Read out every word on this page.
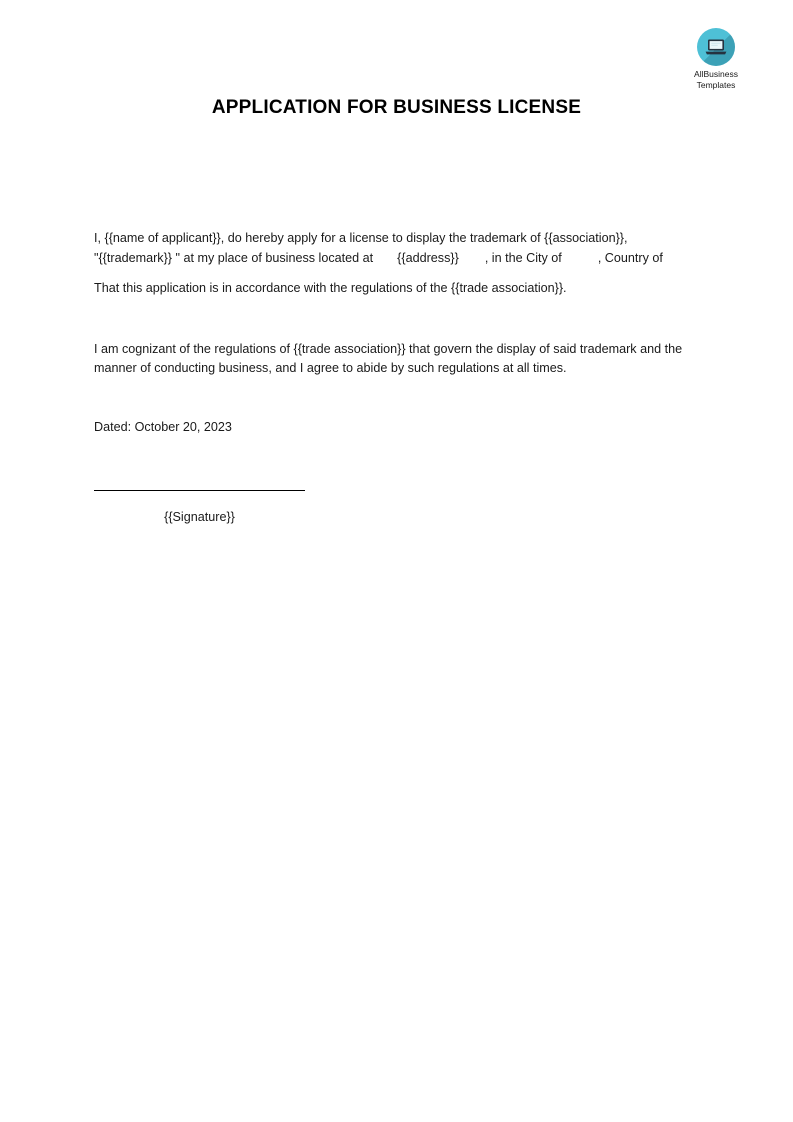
AllBusiness
Templates
APPLICATION FOR BUSINESS LICENSE

I, {{name of applicant}}, do hereby apply for a license to display the trademark of {{association}},
"{{trademark}} " at my place of business located at {{address}} , in the City of	, Country of

That this application is in accordance with the regulations of the {{trade association}}.

I am cognizant of the regulations of {{trade association}} that govern the display of said trademark and the manner of conducting business, and I agree to abide by such regulations at all times.

Dated: October 20, 2023
{{Signature}}
